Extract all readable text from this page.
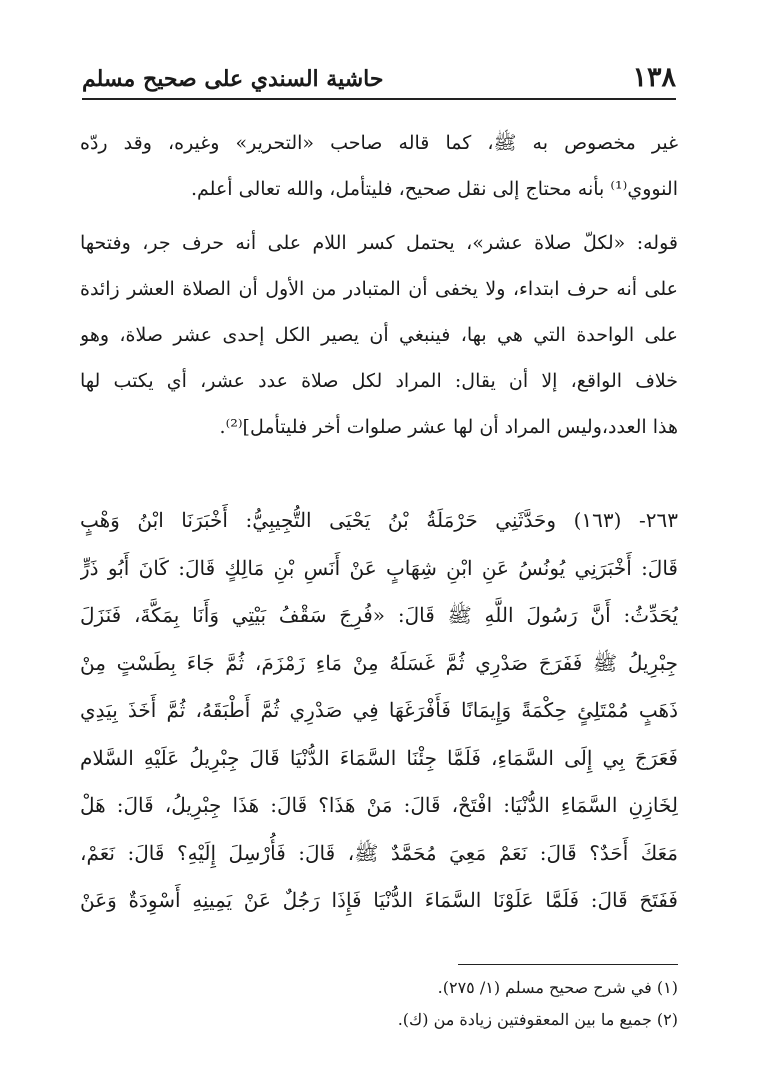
١٣٨
حاشية السندي على صحيح مسلم
غير مخصوص به ﷺ، كما قاله صاحب «التحرير» وغيره، وقد ردّه
النووي⁽¹⁾ بأنه محتاج إلى نقل صحيح، فليتأمل، والله تعالى أعلم.
قوله: «لكلّ صلاة عشر»، يحتمل كسر اللام على أنه حرف جر، وفتحها
على أنه حرف ابتداء، ولا يخفى أن المتبادر من الأول أن الصلاة العشر زائدة
على الواحدة التي هي بها، فينبغي أن يصير الكل إحدى عشر صلاة، وهو
خلاف الواقع، إلا أن يقال: المراد لكل صلاة عدد عشر، أي يكتب لها
هذا العدد،وليس المراد أن لها عشر صلوات أخر فليتأمل]⁽²⁾.
٢٦٣- (١٦٣) وحَدَّثَنِي حَرْمَلَةُ بْنُ يَحْيَى التُّجِيبِيُّ: أَخْبَرَنَا ابْنُ وَهْبٍ
قَالَ: أَخْبَرَنِي يُونُسُ عَنِ ابْنِ شِهَابٍ عَنْ أَنَسِ بْنِ مَالِكٍ قَالَ: كَانَ أَبُو ذَرٍّ
يُحَدِّثُ: أَنَّ رَسُولَ اللَّهِ ﷺ قَالَ: «فُرِجَ سَقْفُ بَيْتِي وَأَنَا بِمَكَّةَ، فَنَزَلَ
جِبْرِيلُ ﷺ فَفَرَجَ صَدْرِي ثُمَّ غَسَلَهُ مِنْ مَاءِ زَمْزَمَ، ثُمَّ جَاءَ بِطَسْتٍ مِنْ
ذَهَبٍ مُمْتَلِئٍ حِكْمَةً وَإِيمَانًا فَأَفْرَغَهَا فِي صَدْرِي ثُمَّ أَطْبَقَهُ، ثُمَّ أَخَذَ بِيَدِي
فَعَرَجَ بِي إِلَى السَّمَاءِ، فَلَمَّا جِئْنَا السَّمَاءَ الدُّنْيَا قَالَ جِبْرِيلُ عَلَيْهِ السَّلام
لِخَازِنِ السَّمَاءِ الدُّنْيَا: افْتَحْ، قَالَ: مَنْ هَذَا؟ قَالَ: هَذَا جِبْرِيلُ، قَالَ: هَلْ
مَعَكَ أَحَدٌ؟ قَالَ: نَعَمْ مَعِيَ مُحَمَّدٌ ﷺ، قَالَ: فَأُرْسِلَ إِلَيْهِ؟ قَالَ: نَعَمْ،
فَفَتَحَ قَالَ: فَلَمَّا عَلَوْنَا السَّمَاءَ الدُّنْيَا فَإِذَا رَجُلٌ عَنْ يَمِينِهِ أَسْوِدَةٌ وَعَنْ
(١) في شرح صحيح مسلم (١/ ٢٧٥).
(٢) جميع ما بين المعقوفتين زيادة من (ك).
